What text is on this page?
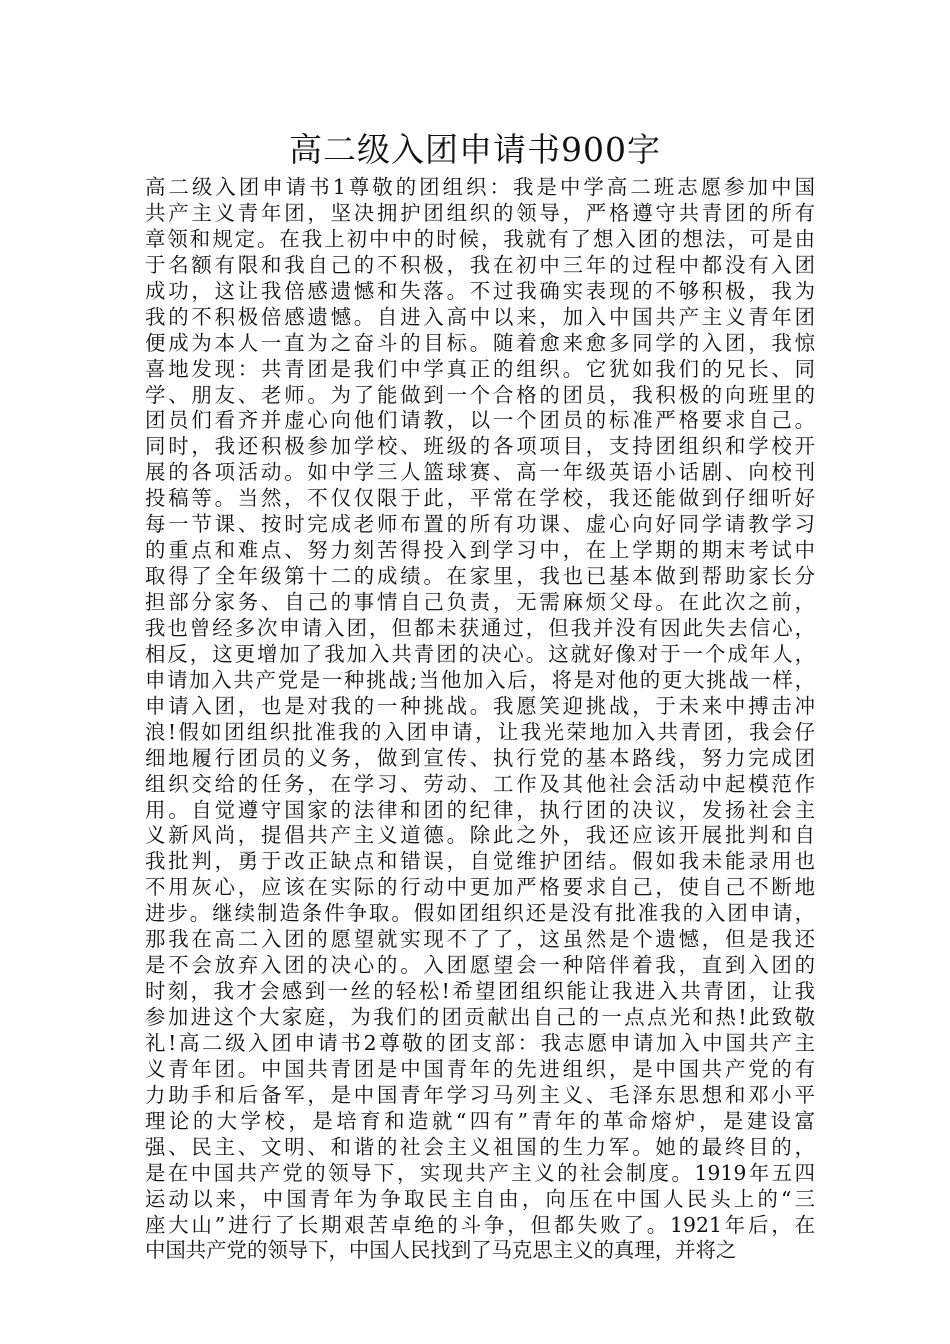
高二级入团申请书900字
高二级入团申请书1尊敬的团组织：我是中学高二班志愿参加中国
共产主义青年团，坚决拥护团组织的领导，严格遵守共青团的所有
章领和规定。在我上初中中的时候，我就有了想入团的想法，可是由
于名额有限和我自己的不积极，我在初中三年的过程中都没有入团
成功，这让我倍感遗憾和失落。不过我确实表现的不够积极，我为
我的不积极倍感遗憾。自进入高中以来，加入中国共产主义青年团
便成为本人一直为之奋斗的目标。随着愈来愈多同学的入团，我惊
喜地发现：共青团是我们中学真正的组织。它犹如我们的兄长、同
学、朋友、老师。为了能做到一个合格的团员，我积极的向班里的
团员们看齐并虚心向他们请教，以一个团员的标准严格要求自己。
同时，我还积极参加学校、班级的各项项目，支持团组织和学校开
展的各项活动。如中学三人篮球赛、高一年级英语小话剧、向校刊
投稿等。当然，不仅仅限于此，平常在学校，我还能做到仔细听好
每一节课、按时完成老师布置的所有功课、虚心向好同学请教学习
的重点和难点、努力刻苦得投入到学习中，在上学期的期末考试中
取得了全年级第十二的成绩。在家里，我也已基本做到帮助家长分
担部分家务、自己的事情自己负责，无需麻烦父母。在此次之前，
我也曾经多次申请入团，但都未获通过，但我并没有因此失去信心，
相反，这更增加了我加入共青团的决心。这就好像对于一个成年人，
申请加入共产党是一种挑战;当他加入后，将是对他的更大挑战一样，
申请入团，也是对我的一种挑战。我愿笑迎挑战，于未来中搏击冲
浪!假如团组织批准我的入团申请，让我光荣地加入共青团，我会仔
细地履行团员的义务，做到宣传、执行党的基本路线，努力完成团
组织交给的任务，在学习、劳动、工作及其他社会活动中起模范作
用。自觉遵守国家的法律和团的纪律，执行团的决议，发扬社会主
义新风尚，提倡共产主义道德。除此之外，我还应该开展批判和自
我批判，勇于改正缺点和错误，自觉维护团结。假如我未能录用也
不用灰心，应该在实际的行动中更加严格要求自己，使自己不断地
进步。继续制造条件争取。假如团组织还是没有批准我的入团申请，
那我在高二入团的愿望就实现不了了，这虽然是个遗憾，但是我还
是不会放弃入团的决心的。入团愿望会一种陪伴着我，直到入团的
时刻，我才会感到一丝的轻松!希望团组织能让我进入共青团，让我
参加进这个大家庭，为我们的团贡献出自己的一点点光和热!此致敬
礼!高二级入团申请书2尊敬的团支部：我志愿申请加入中国共产主
义青年团。中国共青团是中国青年的先进组织，是中国共产党的有
力助手和后备军，是中国青年学习马列主义、毛泽东思想和邓小平
理论的大学校，是培育和造就“四有”青年的革命熔炉，是建设富
强、民主、文明、和谐的社会主义祖国的生力军。她的最终目的，
是在中国共产党的领导下，实现共产主义的社会制度。1919年五四
运动以来，中国青年为争取民主自由，向压在中国人民头上的“三
座大山”进行了长期艰苦卓绝的斗争，但都失败了。1921年后，在
中国共产党的领导下，中国人民找到了马克思主义的真理，并将之
